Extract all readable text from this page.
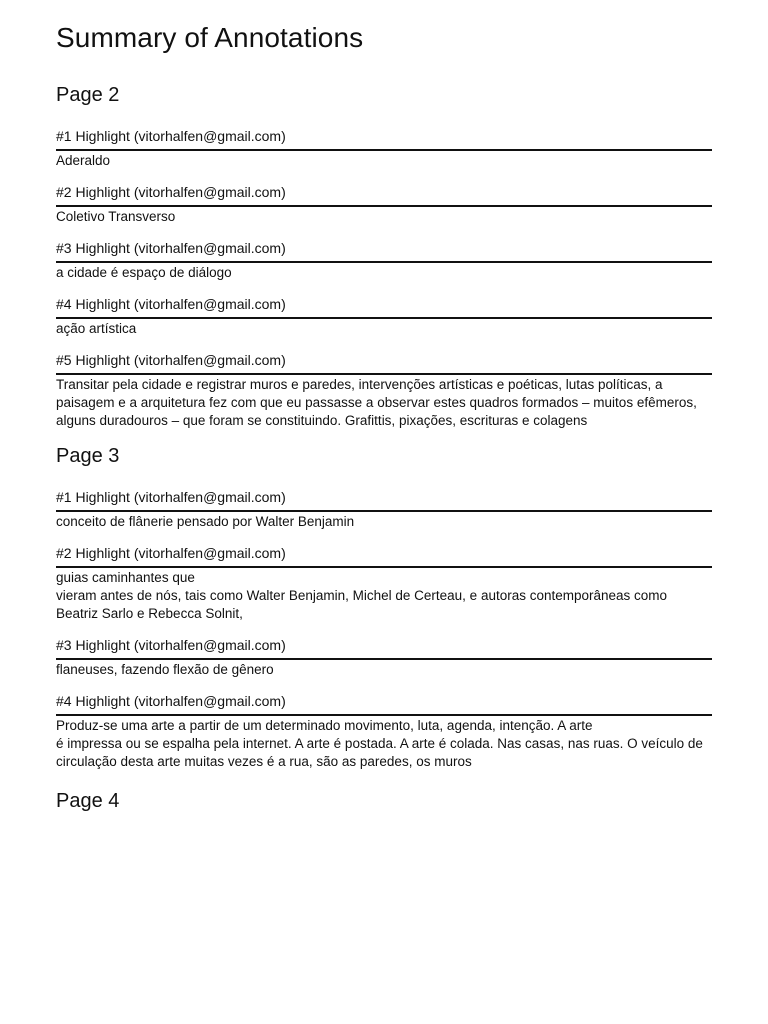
Summary of Annotations
Page 2
#1 Highlight (vitorhalfen@gmail.com)
Aderaldo
#2 Highlight (vitorhalfen@gmail.com)
Coletivo Transverso
#3 Highlight (vitorhalfen@gmail.com)
a cidade é espaço de diálogo
#4 Highlight (vitorhalfen@gmail.com)
ação artística
#5 Highlight (vitorhalfen@gmail.com)
Transitar pela cidade e registrar muros e paredes, intervenções artísticas e poéticas, lutas políticas, a paisagem e a arquitetura fez com que eu passasse a observar estes quadros formados – muitos efêmeros, alguns duradouros – que foram se constituindo. Grafittis, pixações, escrituras e colagens
Page 3
#1 Highlight (vitorhalfen@gmail.com)
conceito de flânerie pensado por Walter Benjamin
#2 Highlight (vitorhalfen@gmail.com)
guias caminhantes que
vieram antes de nós, tais como Walter Benjamin, Michel de Certeau, e autoras contemporâneas como Beatriz Sarlo e Rebecca Solnit,
#3 Highlight (vitorhalfen@gmail.com)
flaneuses, fazendo flexão de gênero
#4 Highlight (vitorhalfen@gmail.com)
Produz-se uma arte a partir de um determinado movimento, luta, agenda, intenção. A arte
é impressa ou se espalha pela internet. A arte é postada. A arte é colada. Nas casas, nas ruas. O veículo de circulação desta arte muitas vezes é a rua, são as paredes, os muros
Page 4
